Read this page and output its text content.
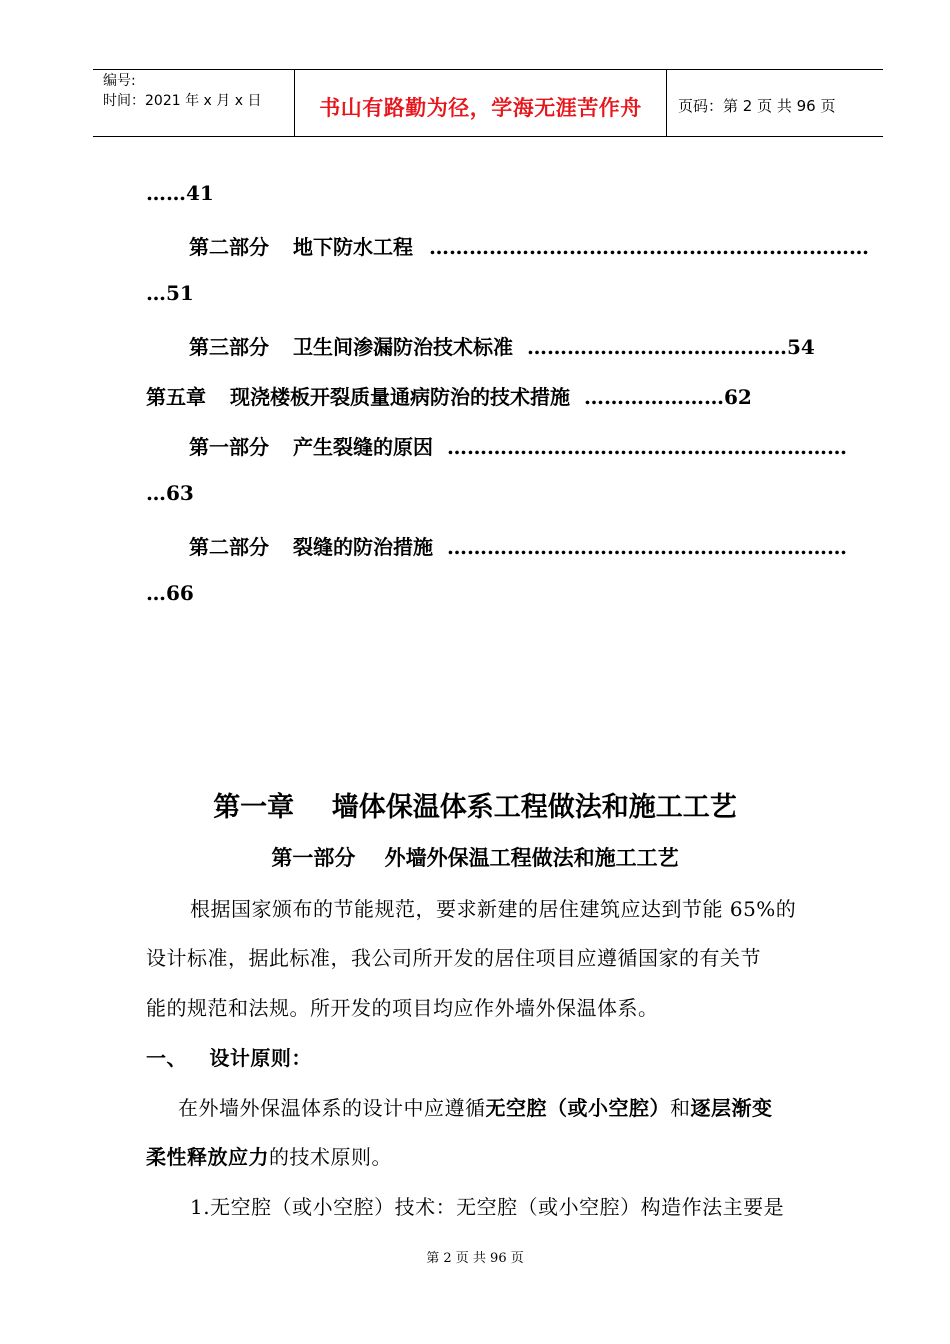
编号:
时间：2021 年 x 月 x 日	书山有路勤为径，学海无涯苦作舟	页码：第 2 页 共 96 页
……41
第二部分 地下防水工程 …………………………………………………………
…51
第三部分 卫生间渗漏防治技术标准 …………………………………54
第五章 现浇楼板开裂质量通病防治的技术措施 …………………62
第一部分 产生裂缝的原因 ……………………………………………………
…63
第二部分 裂缝的防治措施 ……………………………………………………
…66
第一章    墙体保温体系工程做法和施工工艺
第一部分    外墙外保温工程做法和施工工艺
根据国家颁布的节能规范，要求新建的居住建筑应达到节能 65%的
设计标准，据此标准，我公司所开发的居住项目应遵循国家的有关节
能的规范和法规。所开发的项目均应作外墙外保温体系。
一、   设计原则：
在外墙外保温体系的设计中应遵循无空腔（或小空腔）和逐层渐变
柔性释放应力的技术原则。
1.无空腔（或小空腔）技术：无空腔（或小空腔）构造作法主要是
第 2 页 共 96 页
